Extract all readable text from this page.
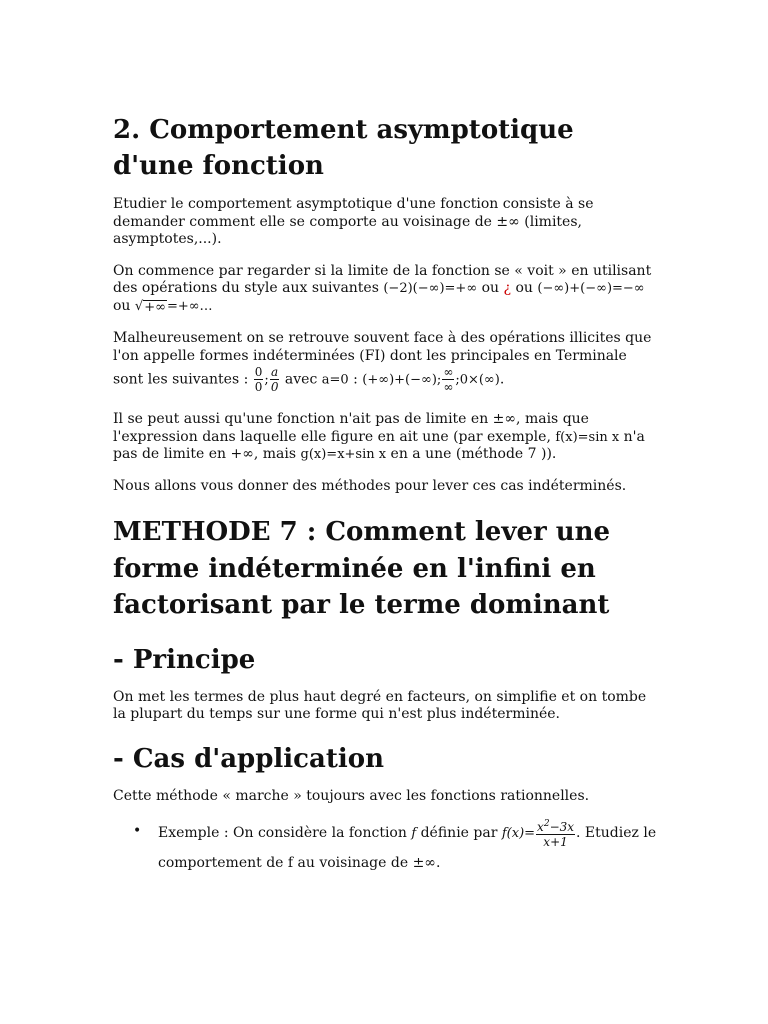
2. Comportement asymptotique d'une fonction

Etudier le comportement asymptotique d'une fonction consiste à se demander comment elle se comporte au voisinage de ±∞ (limites, asymptotes,...).

On commence par regarder si la limite de la fonction se « voit » en utilisant des opérations du style aux suivantes (−2)(−∞)=+∞ ou ¿ ou (−∞)+(−∞)=−∞
ou √ +∞ =+∞…

Malheureusement on se retrouve souvent face à des opérations illicites que l'on appelle formes indéterminées (FI) dont les principales en Terminale sont les suivantes : $\frac{0}{0}$ ; $\frac{a}{0}$ avec a=0 : (+∞)+(−∞); $\frac{\infty}{\infty}$ ;0×(∞).

Il se peut aussi qu'une fonction n'ait pas de limite en ±∞, mais que l'expression dans laquelle elle figure en ait une (par exemple, f(x)=sin x n'a pas de limite en +∞, mais g(x)=x+sin x en a une (méthode 7 )).

Nous allons vous donner des méthodes pour lever ces cas indéterminés.

METHODE 7 : Comment lever une forme indéterminée en l'infini en factorisant par le terme dominant
- Principe

On met les termes de plus haut degré en facteurs, on simplifie et on tombe la plupart du temps sur une forme qui n'est plus indéterminée.

- Cas d'application

Cette méthode « marche » toujours avec les fonctions rationnelles.

• Exemple : On considère la fonction f définie par $f(x)= \frac{x^2-3x}{x+1}$ . Etudiez le comportement de f au voisinage de ±∞.
